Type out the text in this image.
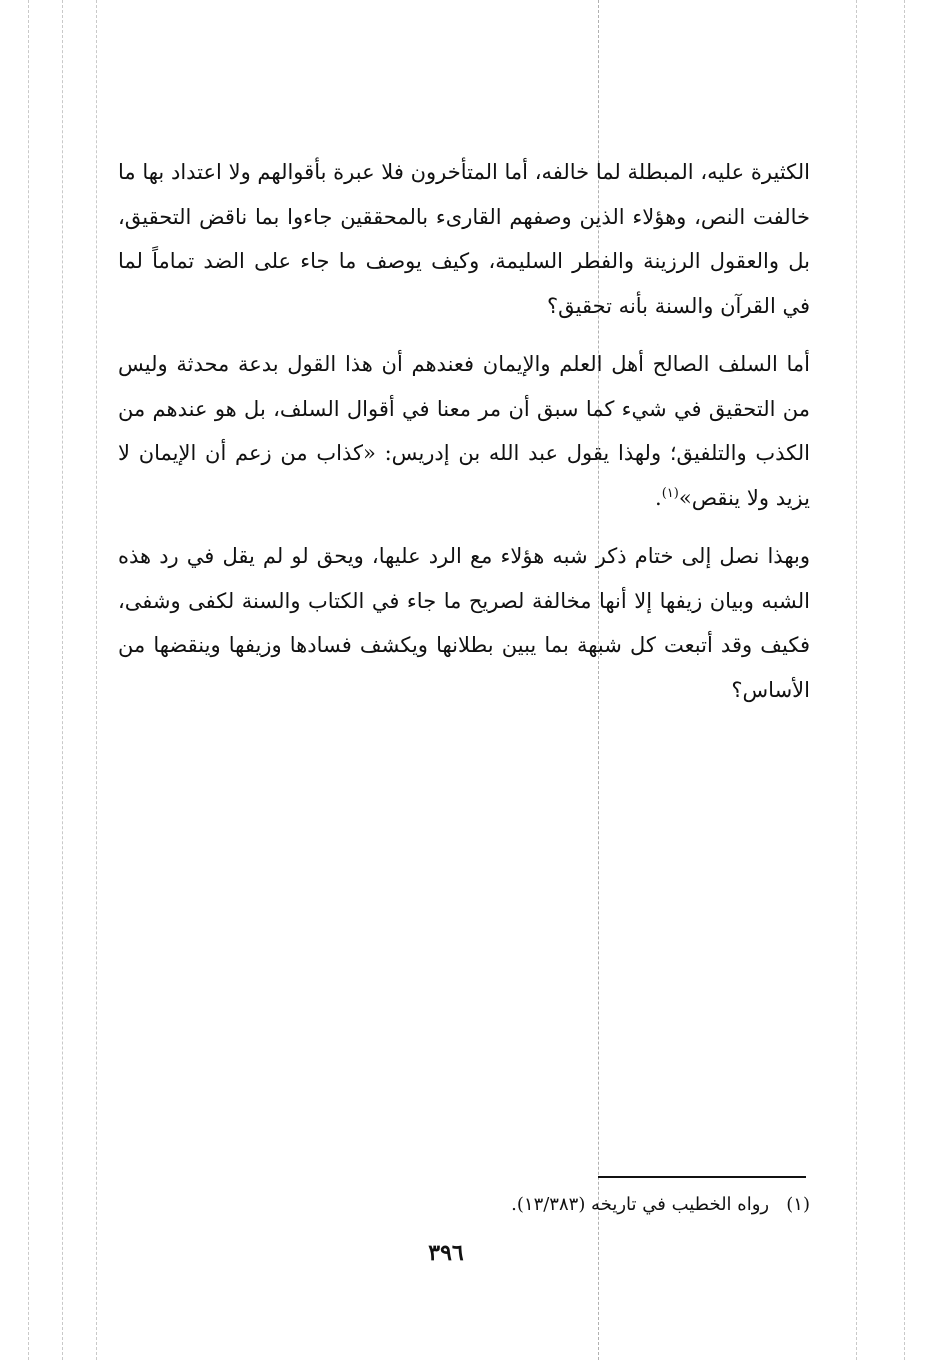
الكثيرة عليه، المبطلة لما خالفه، أما المتأخرون فلا عبرة بأقوالهم ولا اعتداد بها ما خالفت النص، وهؤلاء الذين وصفهم القارىء بالمحققين جاءوا بما ناقض التحقيق، بل والعقول الرزينة والفطر السليمة، وكيف يوصف ما جاء على الضد تماماً لما في القرآن والسنة بأنه تحقيق؟

أما السلف الصالح أهل العلم والإيمان فعندهم أن هذا القول بدعة محدثة وليس من التحقيق في شيء كما سبق أن مر معنا في أقوال السلف، بل هو عندهم من الكذب والتلفيق؛ ولهذا يقول عبد الله بن إدريس: «كذاب من زعم أن الإيمان لا يزيد ولا ينقص»$^{(١)}$.

وبهذا نصل إلى ختام ذكر شبه هؤلاء مع الرد عليها، ويحق لو لم يقل في رد هذه الشبه وبيان زيفها إلا أنها مخالفة لصريح ما جاء في الكتاب والسنة لكفى وشفى، فكيف وقد أتبعت كل شبهة بما يبين بطلانها ويكشف فسادها وزيفها وينقضها من الأساس؟

(١)   رواه الخطيب في تاريخه (١٣/٣٨٣).
٣٩٦
